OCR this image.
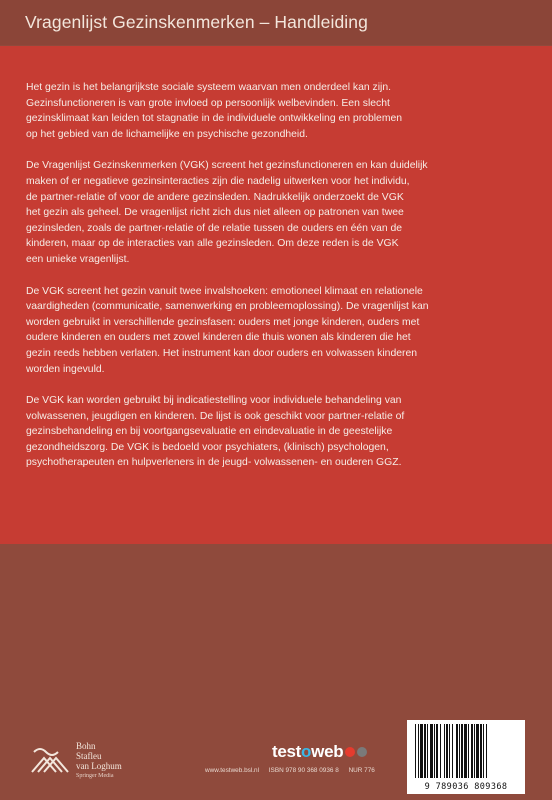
Vragenlijst Gezinskenmerken – Handleiding

Het gezin is het belangrijkste sociale systeem waarvan men onderdeel kan zijn.
Gezinsfunctioneren is van grote invloed op persoonlijk welbevinden. Een slecht
gezinsklimaat kan leiden tot stagnatie in de individuele ontwikkeling en problemen
op het gebied van de lichamelijke en psychische gezondheid.

De Vragenlijst Gezinskenmerken (VGK) screent het gezinsfunctioneren en kan duidelijk
maken of er negatieve gezinsinteracties zijn die nadelig uitwerken voor het individu,
de partner-relatie of voor de andere gezinsleden. Nadrukkelijk onderzoekt de VGK
het gezin als geheel. De vragenlijst richt zich dus niet alleen op patronen van twee
gezinsleden, zoals de partner-relatie of de relatie tussen de ouders en één van de
kinderen, maar op de interacties van alle gezinsleden. Om deze reden is de VGK
een unieke vragenlijst.

De VGK screent het gezin vanuit twee invalshoeken: emotioneel klimaat en relationele
vaardigheden (communicatie, samenwerking en probleemoplossing). De vragenlijst kan
worden gebruikt in verschillende gezinsfasen: ouders met jonge kinderen, ouders met
oudere kinderen en ouders met zowel kinderen die thuis wonen als kinderen die het
gezin reeds hebben verlaten. Het instrument kan door ouders en volwassen kinderen
worden ingevuld.

De VGK kan worden gebruikt bij indicatiestelling voor individuele behandeling van
volwassenen, jeugdigen en kinderen. De lijst is ook geschikt voor partner-relatie of
gezinsbehandeling en bij voortgangsevaluatie en eindevaluatie in de geestelijke
gezondheidszorg. De VGK is bedoeld voor psychiaters, (klinisch) psychologen,
psychotherapeuten en hulpverleners in de jeugd- volwassenen- en ouderen GGZ.

Bohn
Stafleu
van Loghum
Springer Media
test o web
www.testweb.bsl.nl ISBN 978 90 368 0936 8 NUR 776
9 789036 809368
